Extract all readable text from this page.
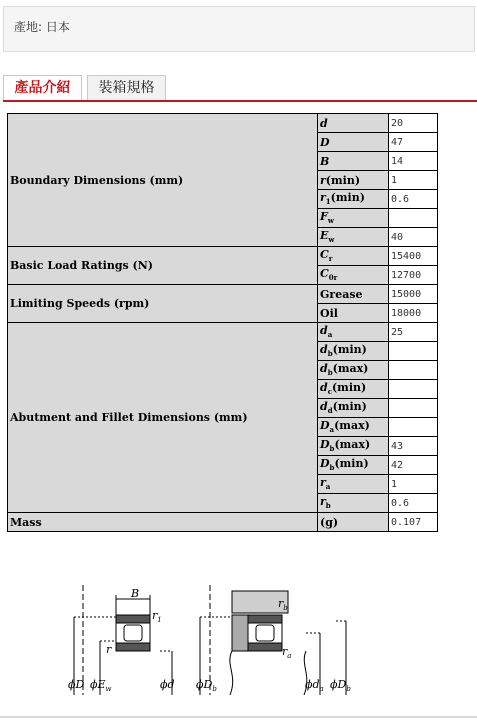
產地: 日本
產品介紹	裝箱規格
Boundary Dimensions (mm)	d	20
	D	47
	B	14
	r(min)	1
	$r_1(\min)$	0.6
	$F_w$	
	$E_w$	40
Basic Load Ratings (N)	$C_r$	15400
	$C_{0r}$	12700
Limiting Speeds (rpm)	Grease	15000
	Oil	18000
Abutment and Fillet Dimensions (mm)	$d_a$	25
	$d_b(\min)$	
	$d_b(\max)$	
	$d_c(\min)$	
	$d_d(\min)$	
	$D_a(\max)$	
	$D_b(\max)$	43
	$D_b(\min)$	42
	$r_a$	1
	$r_b$	0.6
Mass	(g)	0.107
B
$r_1$
r
ϕD $\phi E_w$	ϕd
$r_b$
$r_a$
$\phi D_b$	$\phi d_a$ $\phi D_b$
